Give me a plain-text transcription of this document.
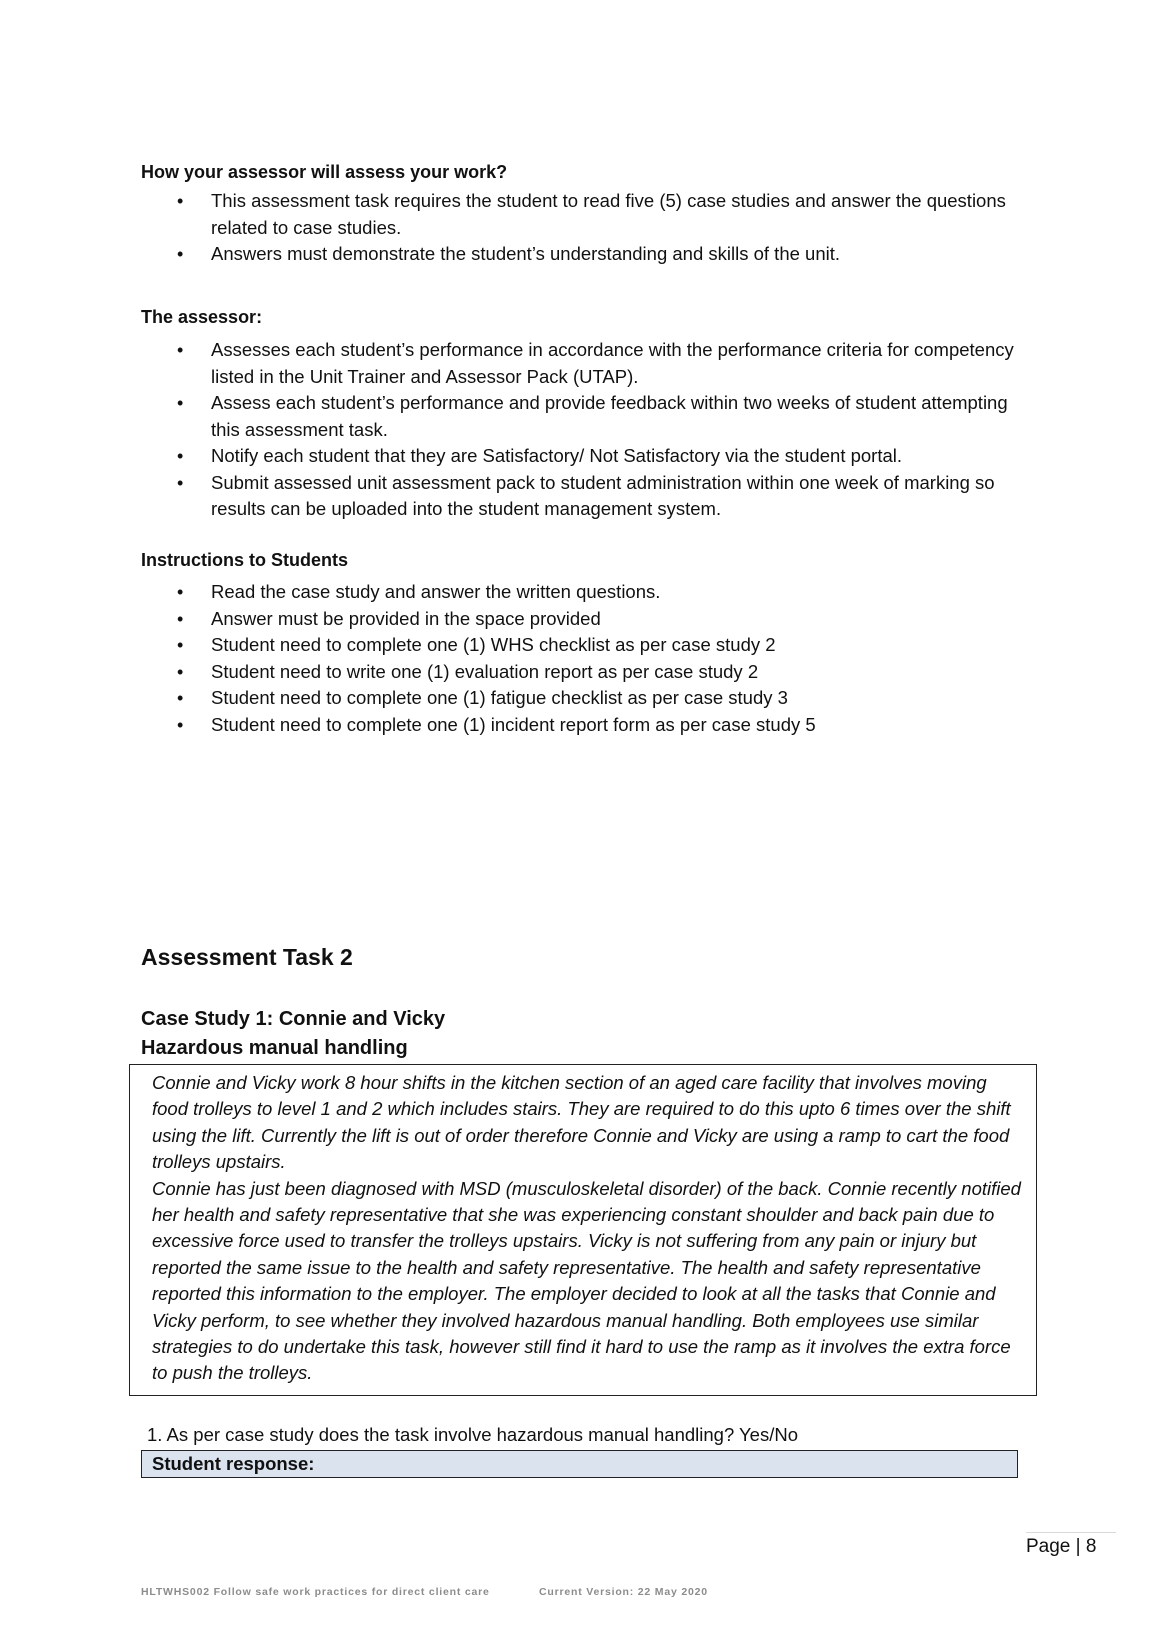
How your assessor will assess your work?

• This assessment task requires the student to read five (5) case studies and answer the questions related to case studies.
• Answers must demonstrate the student’s understanding and skills of the unit.

The assessor:

• Assesses each student’s performance in accordance with the performance criteria for competency listed in the Unit Trainer and Assessor Pack (UTAP).
• Assess each student’s performance and provide feedback within two weeks of student attempting this assessment task.
• Notify each student that they are Satisfactory/ Not Satisfactory via the student portal.
• Submit assessed unit assessment pack to student administration within one week of marking so results can be uploaded into the student management system.

Instructions to Students

• Read the case study and answer the written questions.
• Answer must be provided in the space provided
• Student need to complete one (1) WHS checklist as per case study 2
• Student need to write one (1) evaluation report as per case study 2
• Student need to complete one (1) fatigue checklist as per case study 3
• Student need to complete one (1) incident report form as per case study 5
Assessment Task 2
Case Study 1: Connie and Vicky
Hazardous manual handling

Connie and Vicky work 8 hour shifts in the kitchen section of an aged care facility that involves moving food trolleys to level 1 and 2 which includes stairs. They are required to do this upto 6 times over the shift using the lift. Currently the lift is out of order therefore Connie and Vicky are using a ramp to cart the food trolleys upstairs.

Connie has just been diagnosed with MSD (musculoskeletal disorder) of the back. Connie recently notified her health and safety representative that she was experiencing constant shoulder and back pain due to excessive force used to transfer the trolleys upstairs. Vicky is not suffering from any pain or injury but reported the same issue to the health and safety representative. The health and safety representative reported this information to the employer. The employer decided to look at all the tasks that Connie and Vicky perform, to see whether they involved hazardous manual handling. Both employees use similar strategies to do undertake this task, however still find it hard to use the ramp as it involves the extra force to push the trolleys.

1. As per case study does the task involve hazardous manual handling? Yes/No

Student response:
Page | 8
HLTWHS002 Follow safe work practices for direct client care	Current Version: 22 May 2020
